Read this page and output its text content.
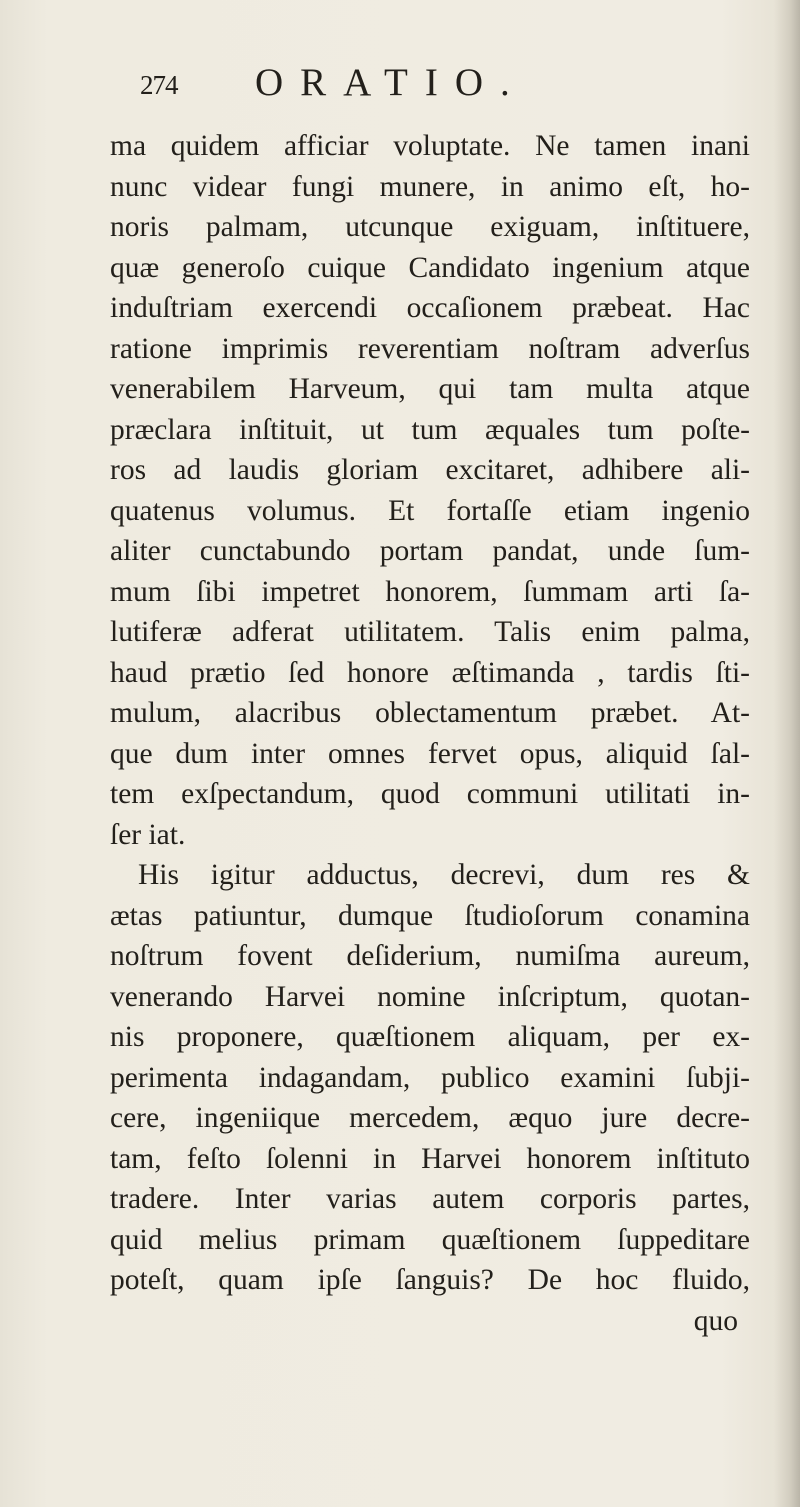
274 ORATIO.
ma quidem afficiar voluptate. Ne tamen inani
nunc videar fungi munere, in animo eſt, ho-
noris palmam, utcunque exiguam, inſtituere,
quæ generoſo cuique Candidato ingenium atque
induſtriam exercendi occaſionem præbeat. Hac
ratione imprimis reverentiam noſtram adverſus
venerabilem Harveum, qui tam multa atque
præclara inſtituit, ut tum æquales tum poſte-
ros ad laudis gloriam excitaret, adhibere ali-
quatenus volumus. Et fortaſſe etiam ingenio
aliter cunctabundo portam pandat, unde ſum-
mum ſibi impetret honorem, ſummam arti ſa-
lutiferæ adferat utilitatem. Talis enim palma,
haud prætio ſed honore æſtimanda , tardis ſti-
mulum, alacribus oblectamentum præbet. At-
que dum inter omnes fervet opus, aliquid ſal-
tem exſpectandum, quod communi utilitati in-
ſer iat.
His igitur adductus, decrevi, dum res &
ætas patiuntur, dumque ſtudioſorum conamina
noſtrum fovent deſiderium, numiſma aureum,
venerando Harvei nomine inſcriptum, quotan-
nis proponere, quæſtionem aliquam, per ex-
perimenta indagandam, publico examini ſubji-
cere, ingeniique mercedem, æquo jure decre-
tam, feſto ſolenni in Harvei honorem inſtituto
tradere. Inter varias autem corporis partes,
quid melius primam quæſtionem ſuppeditare
poteſt, quam ipſe ſanguis? De hoc fluido,
quo
